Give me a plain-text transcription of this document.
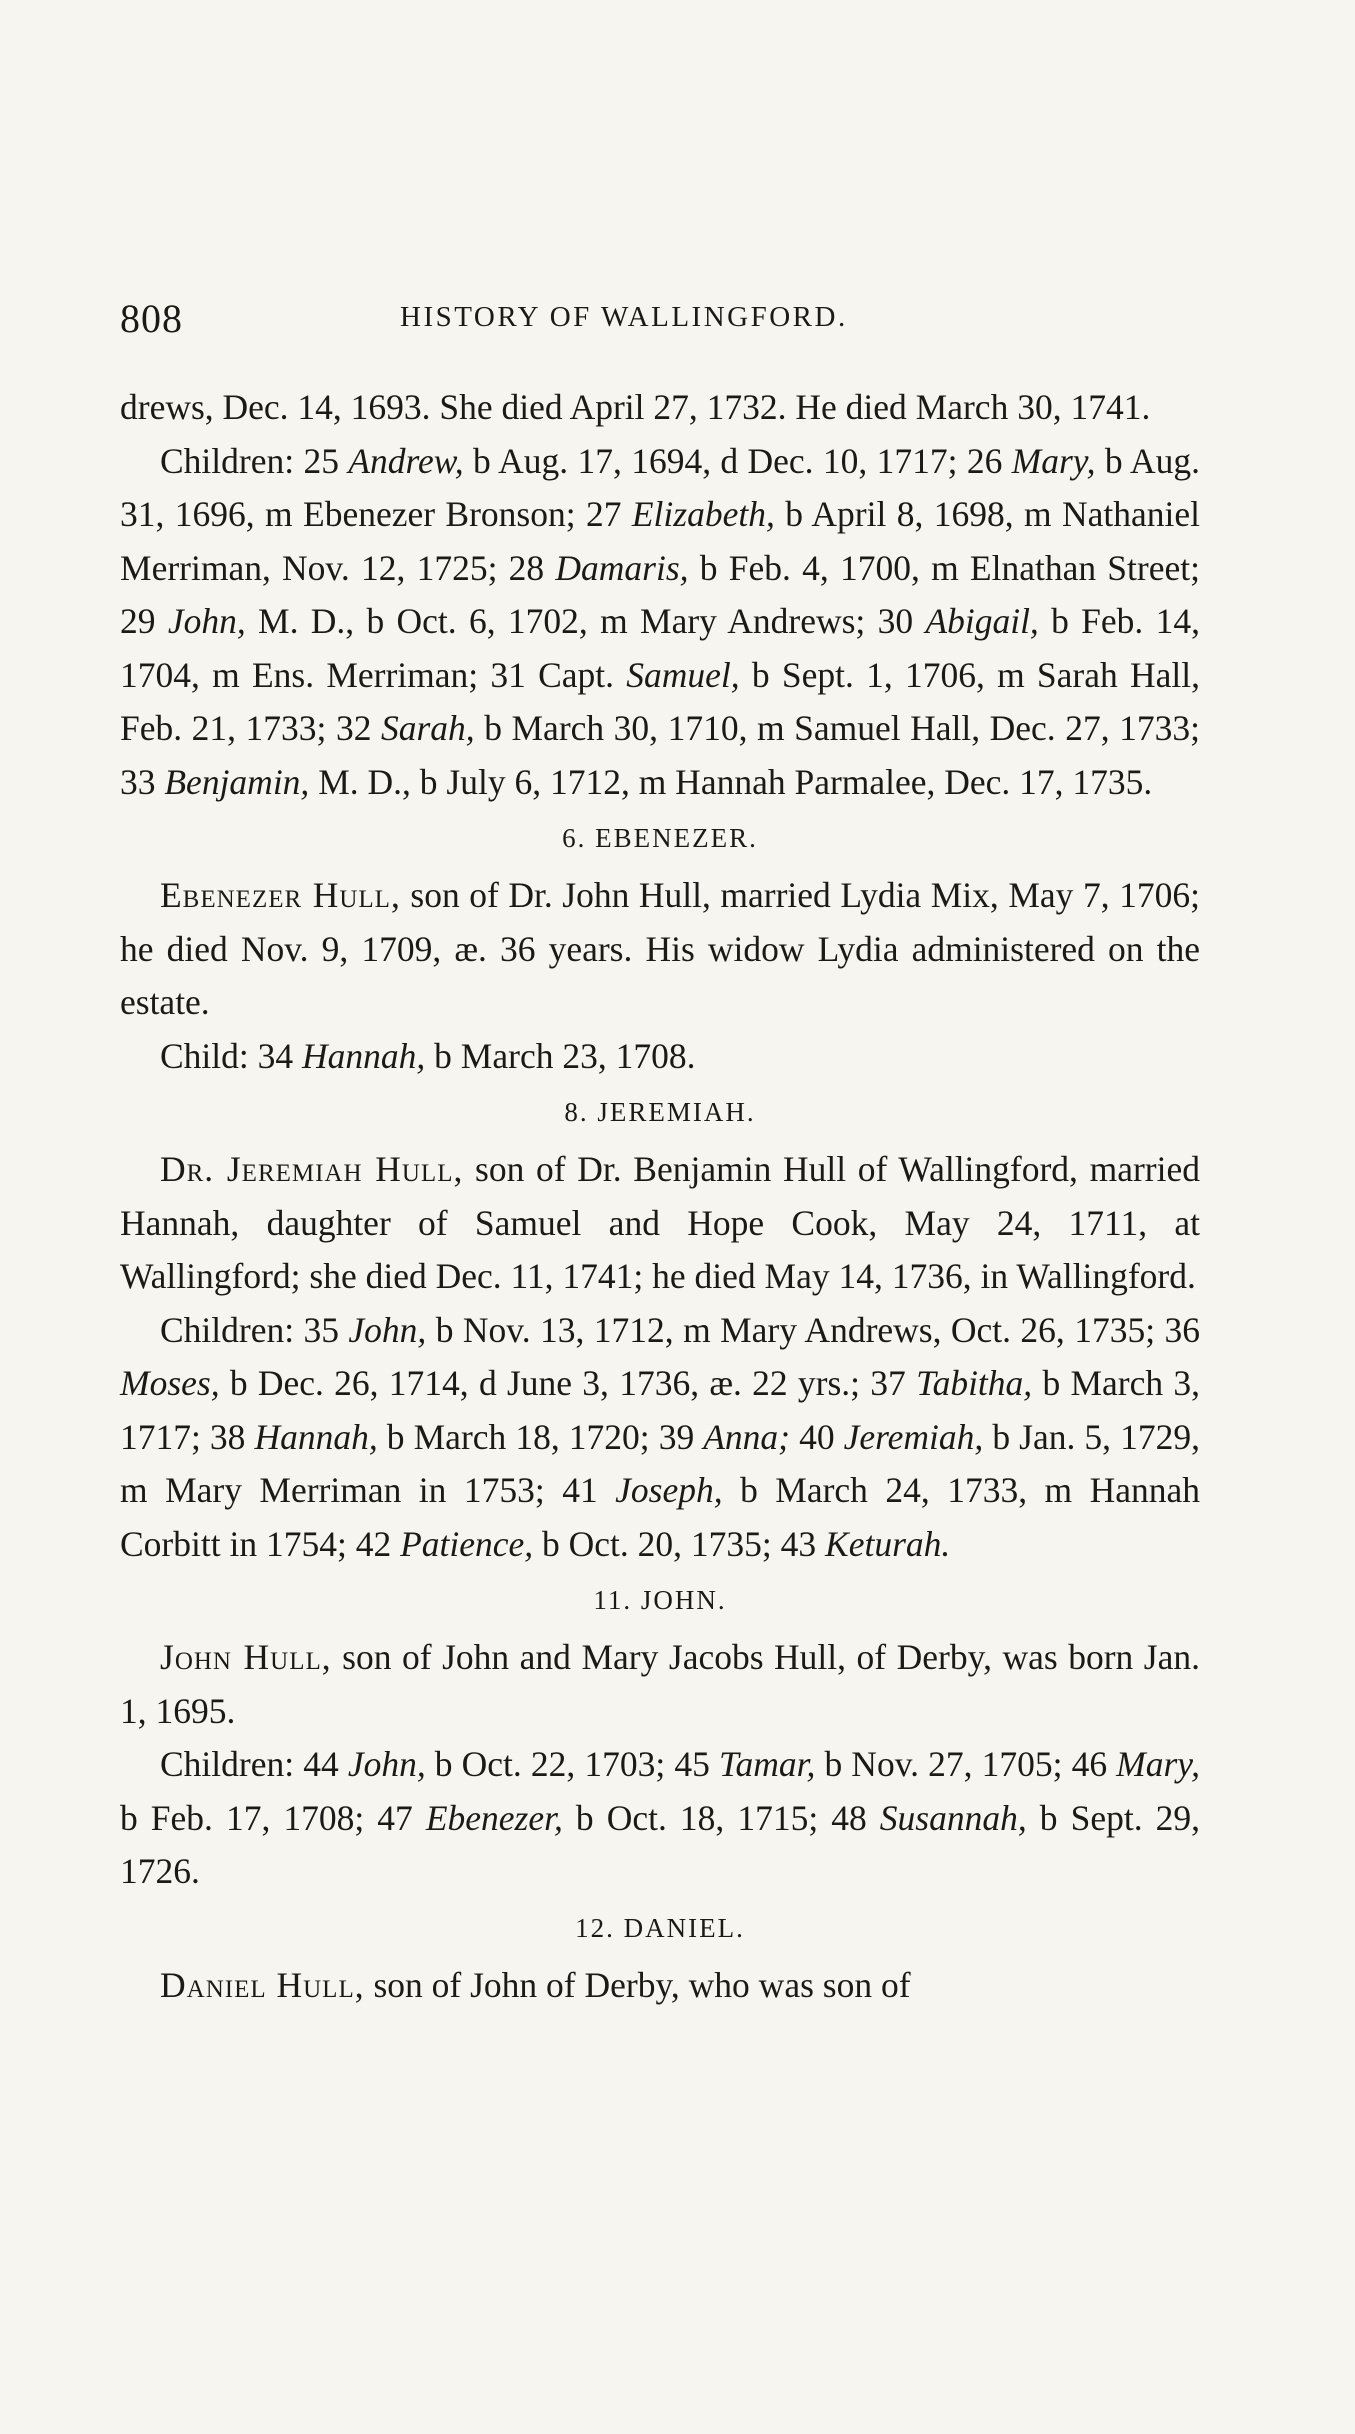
808	HISTORY OF WALLINGFORD.

drews, Dec. 14, 1693. She died April 27, 1732. He died March 30, 1741.

Children: 25 Andrew, b Aug. 17, 1694, d Dec. 10, 1717; 26 Mary, b Aug. 31, 1696, m Ebenezer Bronson; 27 Elizabeth, b April 8, 1698, m Nathaniel Merriman, Nov. 12, 1725; 28 Damaris, b Feb. 4, 1700, m Elnathan Street; 29 John, M. D., b Oct. 6, 1702, m Mary Andrews; 30 Abigail, b Feb. 14, 1704, m Ens. Merriman; 31 Capt. Samuel, b Sept. 1, 1706, m Sarah Hall, Feb. 21, 1733; 32 Sarah, b March 30, 1710, m Samuel Hall, Dec. 27, 1733; 33 Benjamin, M. D., b July 6, 1712, m Hannah Parmalee, Dec. 17, 1735.

6. EBENEZER.

Ebenezer Hull, son of Dr. John Hull, married Lydia Mix, May 7, 1706; he died Nov. 9, 1709, æ. 36 years. His widow Lydia administered on the estate.

Child: 34 Hannah, b March 23, 1708.

8. JEREMIAH.

Dr. Jeremiah Hull, son of Dr. Benjamin Hull of Wallingford, married Hannah, daughter of Samuel and Hope Cook, May 24, 1711, at Wallingford; she died Dec. 11, 1741; he died May 14, 1736, in Wallingford.

Children: 35 John, b Nov. 13, 1712, m Mary Andrews, Oct. 26, 1735; 36 Moses, b Dec. 26, 1714, d June 3, 1736, æ. 22 yrs.; 37 Tabitha, b March 3, 1717; 38 Hannah, b March 18, 1720; 39 Anna; 40 Jeremiah, b Jan. 5, 1729, m Mary Merriman in 1753; 41 Joseph, b March 24, 1733, m Hannah Corbitt in 1754; 42 Patience, b Oct. 20, 1735; 43 Keturah.

11. JOHN.

John Hull, son of John and Mary Jacobs Hull, of Derby, was born Jan. 1, 1695.

Children: 44 John, b Oct. 22, 1703; 45 Tamar, b Nov. 27, 1705; 46 Mary, b Feb. 17, 1708; 47 Ebenezer, b Oct. 18, 1715; 48 Susannah, b Sept. 29, 1726.

12. DANIEL.

Daniel Hull, son of John of Derby, who was son of
